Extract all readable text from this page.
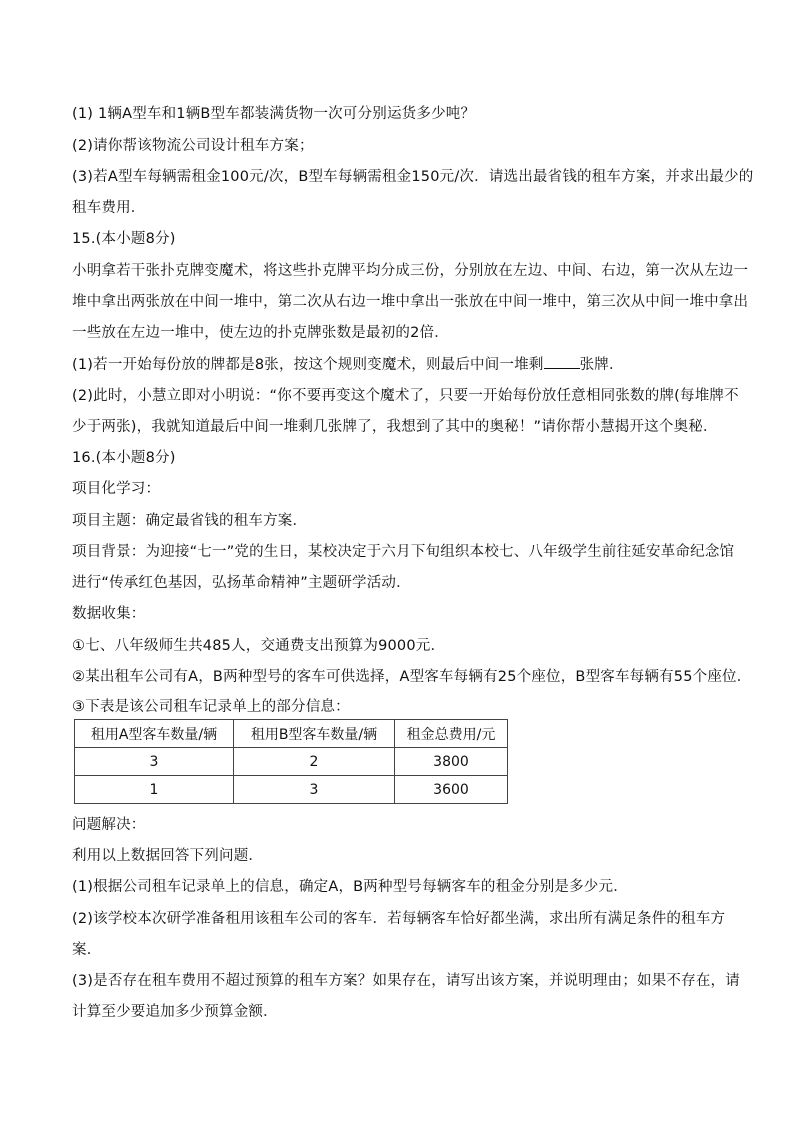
(1) 1辆A型车和1辆B型车都装满货物一次可分别运货多少吨？
(2)请你帮该物流公司设计租车方案；
(3)若A型车每辆需租金100元/次，B型车每辆需租金150元/次．请选出最省钱的租车方案，并求出最少的
租车费用．
15.(本小题8分)
小明拿若干张扑克牌变魔术，将这些扑克牌平均分成三份，分别放在左边、中间、右边，第一次从左边一
堆中拿出两张放在中间一堆中，第二次从右边一堆中拿出一张放在中间一堆中，第三次从中间一堆中拿出
一些放在左边一堆中，使左边的扑克牌张数是最初的2倍．
(1)若一开始每份放的牌都是8张，按这个规则变魔术，则最后中间一堆剩 张牌．
(2)此时，小慧立即对小明说：“你不要再变这个魔术了，只要一开始每份放任意相同张数的牌(每堆牌不
少于两张)，我就知道最后中间一堆剩几张牌了，我想到了其中的奥秘！”请你帮小慧揭开这个奥秘．
16.(本小题8分)
项目化学习：
项目主题：确定最省钱的租车方案．
项目背景：为迎接“七一”党的生日，某校决定于六月下旬组织本校七、八年级学生前往延安革命纪念馆
进行“传承红色基因，弘扬革命精神”主题研学活动．
数据收集：
①七、八年级师生共485人，交通费支出预算为9000元．
②某出租车公司有A，B两种型号的客车可供选择，A型客车每辆有25个座位，B型客车每辆有55个座位．
③下表是该公司租车记录单上的部分信息：
租用A型客车数量/辆	租用B型客车数量/辆	租金总费用/元
3	2	3800
1	3	3600
问题解决：
利用以上数据回答下列问题．
(1)根据公司租车记录单上的信息，确定A，B两种型号每辆客车的租金分别是多少元．
(2)该学校本次研学准备租用该租车公司的客车．若每辆客车恰好都坐满，求出所有满足条件的租车方
案．
(3)是否存在租车费用不超过预算的租车方案？如果存在，请写出该方案，并说明理由；如果不存在，请
计算至少要追加多少预算金额．
